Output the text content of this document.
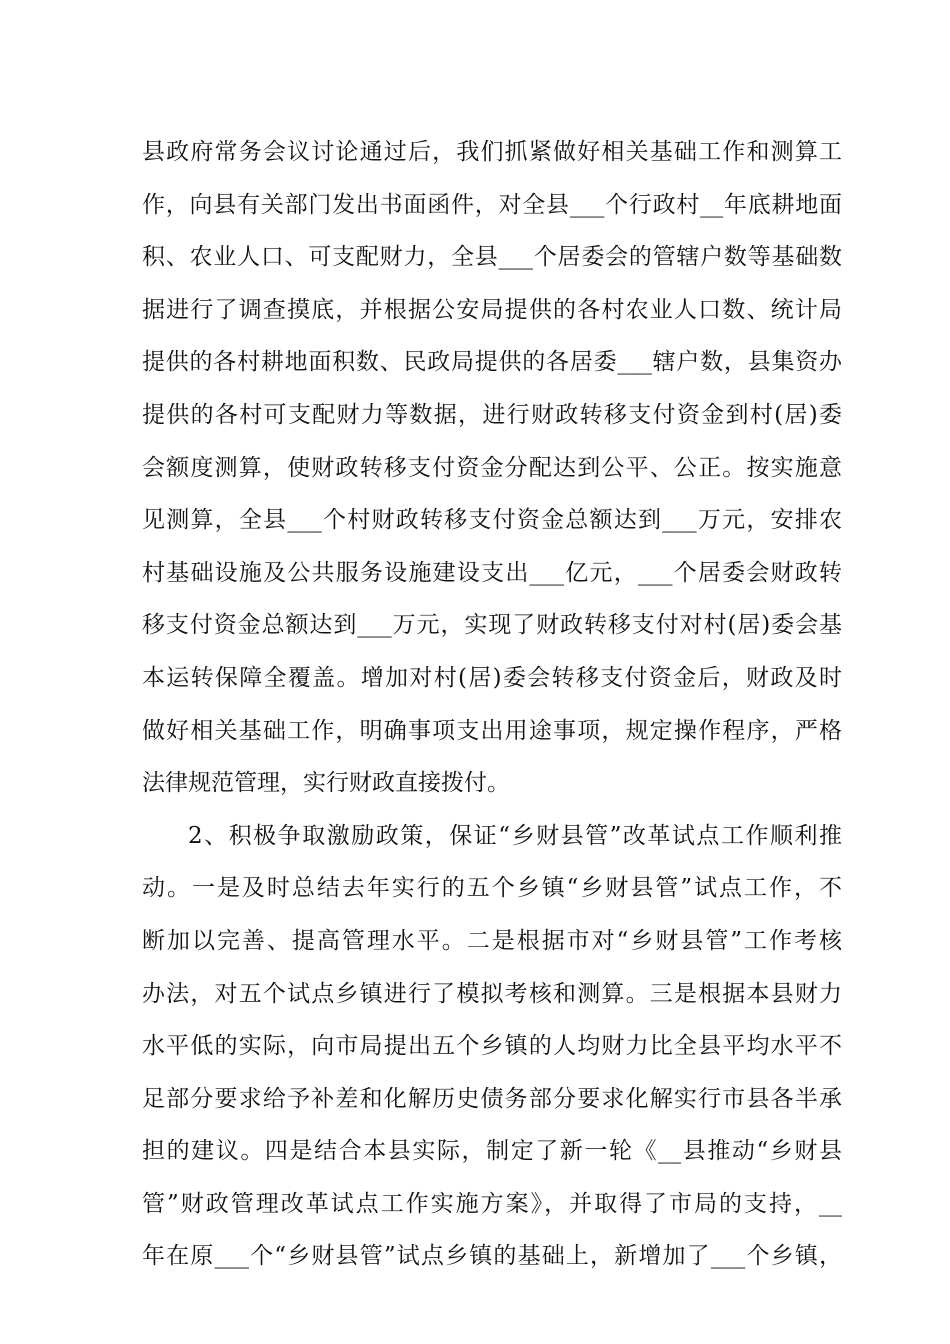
县政府常务会议讨论通过后，我们抓紧做好相关基础工作和测算工
作，向县有关部门发出书面函件，对全县___个行政村__年底耕地面
积、农业人口、可支配财力，全县___个居委会的管辖户数等基础数
据进行了调查摸底，并根据公安局提供的各村农业人口数、统计局
提供的各村耕地面积数、民政局提供的各居委___辖户数，县集资办
提供的各村可支配财力等数据，进行财政转移支付资金到村(居)委
会额度测算，使财政转移支付资金分配达到公平、公正。按实施意
见测算，全县___个村财政转移支付资金总额达到___万元，安排农
村基础设施及公共服务设施建设支出___亿元，___个居委会财政转
移支付资金总额达到___万元，实现了财政转移支付对村(居)委会基
本运转保障全覆盖。增加对村(居)委会转移支付资金后，财政及时
做好相关基础工作，明确事项支出用途事项，规定操作程序，严格
法律规范管理，实行财政直接拨付。
2、积极争取激励政策，保证“乡财县管”改革试点工作顺利推
动。一是及时总结去年实行的五个乡镇“乡财县管”试点工作，不
断加以完善、提高管理水平。二是根据市对“乡财县管”工作考核
办法，对五个试点乡镇进行了模拟考核和测算。三是根据本县财力
水平低的实际，向市局提出五个乡镇的人均财力比全县平均水平不
足部分要求给予补差和化解历史债务部分要求化解实行市县各半承
担的建议。四是结合本县实际，制定了新一轮《__县推动“乡财县
管”财政管理改革试点工作实施方案》，并取得了市局的支持，__
年在原___个“乡财县管”试点乡镇的基础上，新增加了___个乡镇，
